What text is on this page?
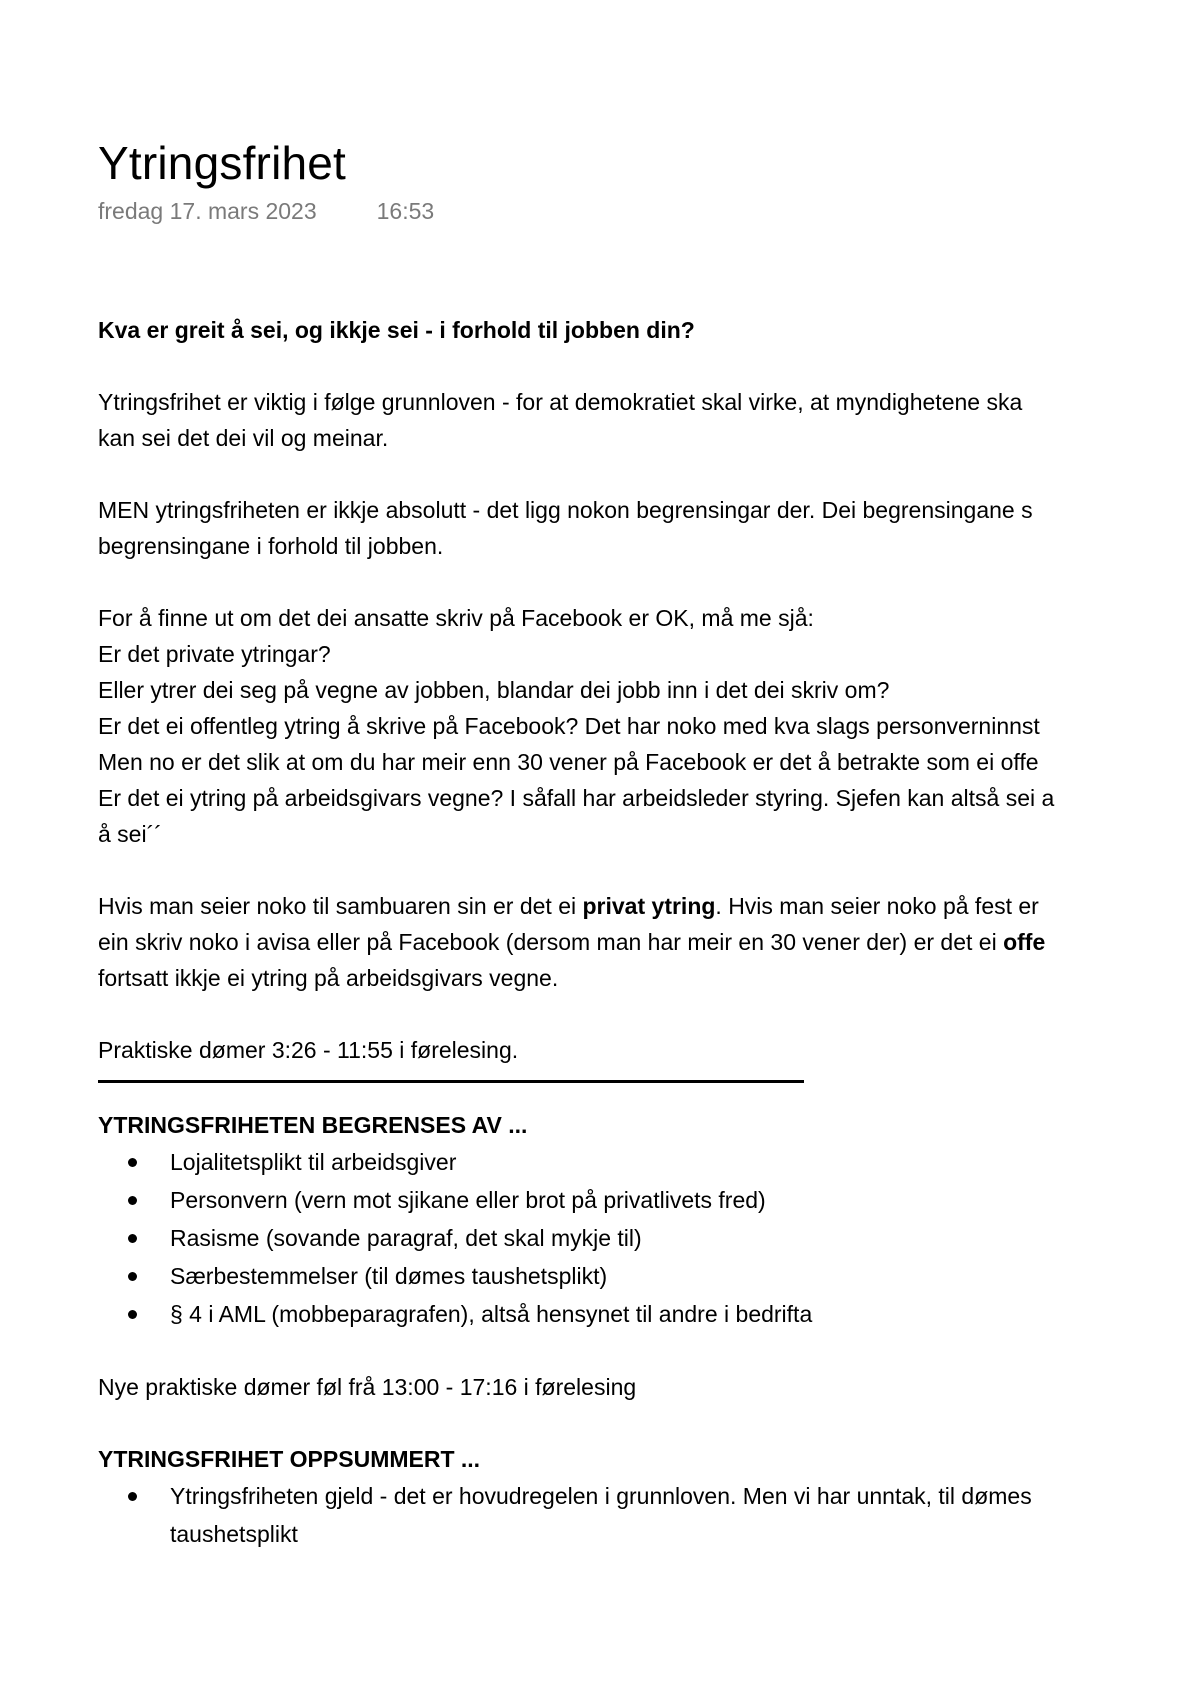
Ytringsfrihet
fredag 17. mars 2023	16:53
Kva er greit å sei, og ikkje sei - i forhold til jobben din?
Ytringsfrihet er viktig i følge grunnloven - for at demokratiet skal virke, at myndighetene ska
kan sei det dei vil og meinar.
MEN ytringsfriheten er ikkje absolutt - det ligg nokon begrensingar der. Dei begrensingane s
begrensingane i forhold til jobben.
For å finne ut om det dei ansatte skriv på Facebook er OK, må me sjå:
Er det private ytringar?
Eller ytrer dei seg på vegne av jobben, blandar dei jobb inn i det dei skriv om?
Er det ei offentleg ytring å skrive på Facebook? Det har noko med kva slags personverninnst
Men no er det slik at om du har meir enn 30 vener på Facebook er det å betrakte som ei offe
Er det ei ytring på arbeidsgivars vegne? I såfall har arbeidsleder styring. Sjefen kan altså sei a
å sei´´
Hvis man seier noko til sambuaren sin er det ei privat ytring. Hvis man seier noko på fest er
ein skriv noko i avisa eller på Facebook (dersom man har meir en 30 vener der) er det ei offe
fortsatt ikkje ei ytring på arbeidsgivars vegne.
Praktiske dømer 3:26 - 11:55 i førelesing.
YTRINGSFRIHETEN BEGRENSES AV ...
Lojalitetsplikt til arbeidsgiver
Personvern (vern mot sjikane eller brot på privatlivets fred)
Rasisme (sovande paragraf, det skal mykje til)
Særbestemmelser (til dømes taushetsplikt)
§ 4 i AML (mobbeparagrafen), altså hensynet til andre i bedrifta
Nye praktiske dømer føl frå 13:00 - 17:16 i førelesing
YTRINGSFRIHET OPPSUMMERT ...
Ytringsfriheten gjeld - det er hovudregelen i grunnloven. Men vi har unntak, til dømes
taushetsplikt
